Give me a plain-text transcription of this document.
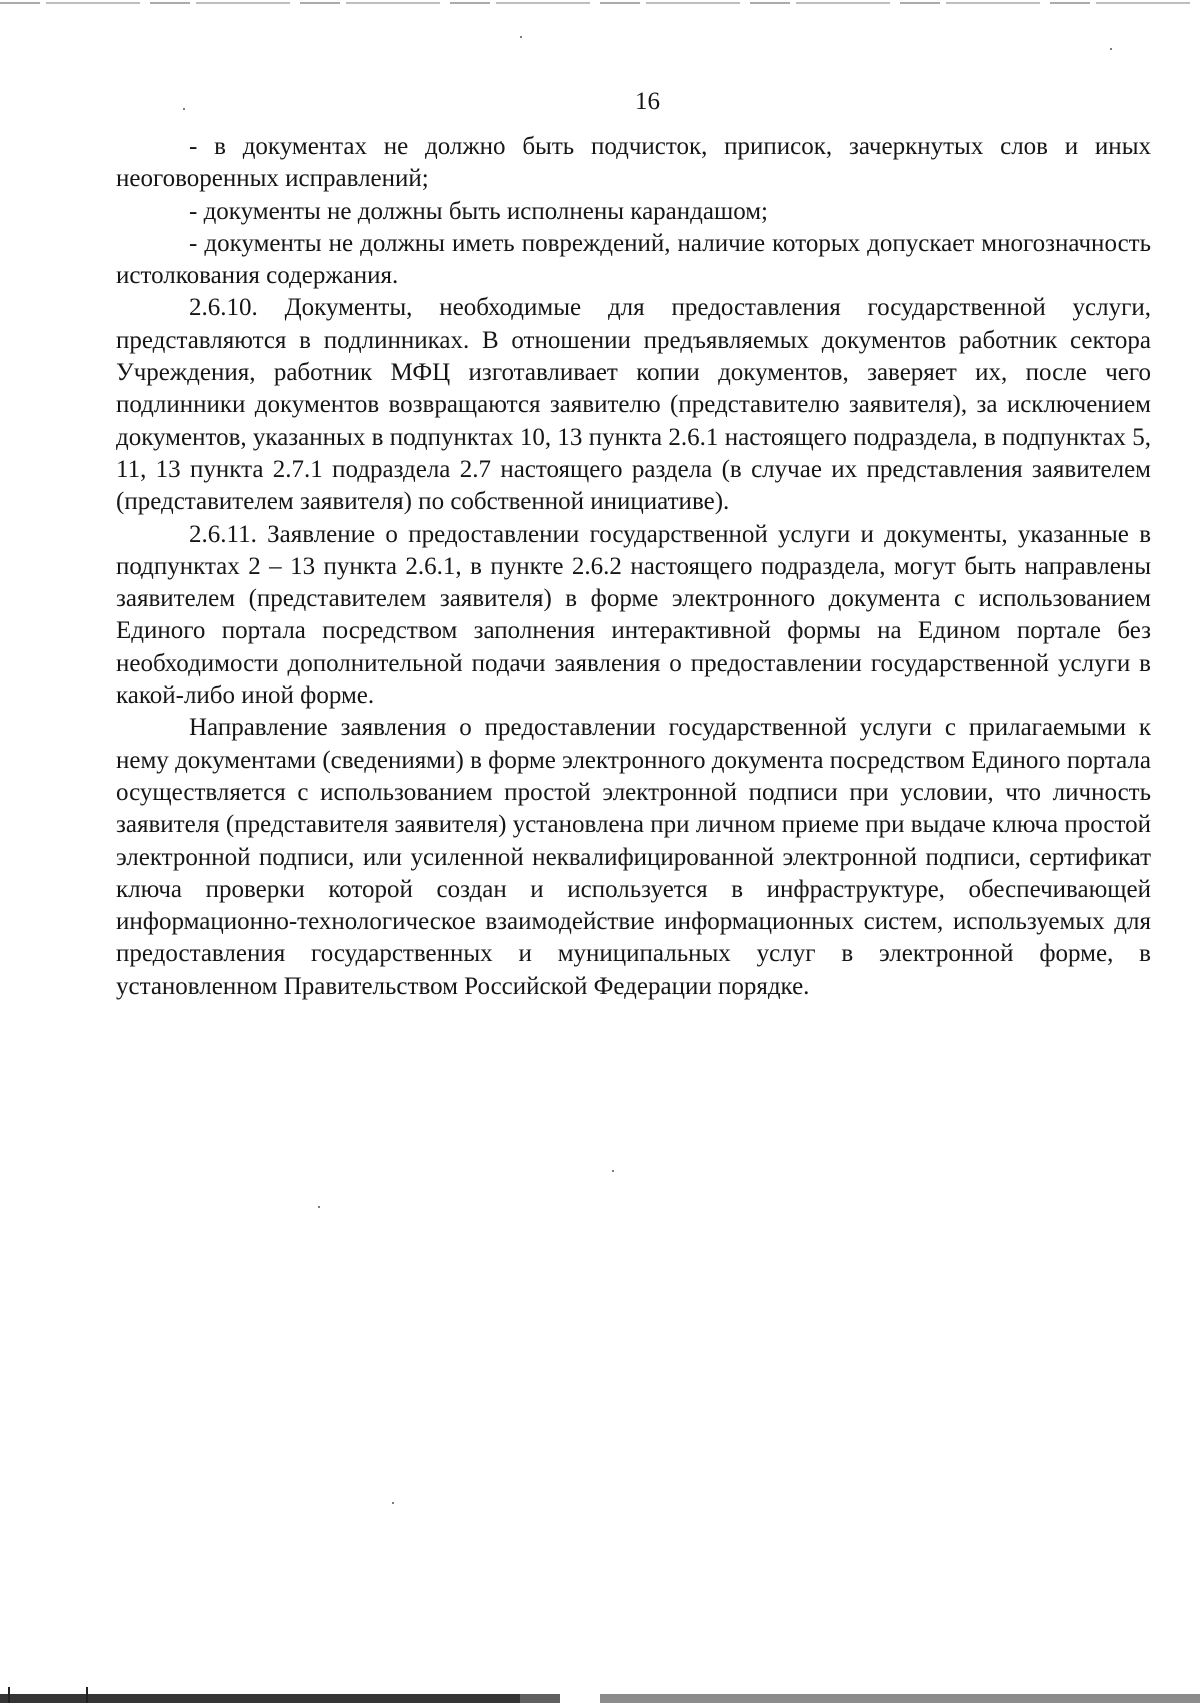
16

- в документах не должно быть подчисток, приписок, зачеркнутых слов и иных неоговоренных исправлений;

- документы не должны быть исполнены карандашом;

- документы не должны иметь повреждений, наличие которых допускает многозначность истолкования содержания.

2.6.10. Документы, необходимые для предоставления государственной услуги, представляются в подлинниках. В отношении предъявляемых документов работник сектора Учреждения, работник МФЦ изготавливает копии документов, заверяет их, после чего подлинники документов возвращаются заявителю (представителю заявителя), за исключением документов, указанных в подпунктах 10, 13 пункта 2.6.1 настоящего подраздела, в подпунктах 5, 11, 13 пункта 2.7.1 подраздела 2.7 настоящего раздела (в случае их представления заявителем (представителем заявителя) по собственной инициативе).

2.6.11. Заявление о предоставлении государственной услуги и документы, указанные в подпунктах 2 – 13 пункта 2.6.1, в пункте 2.6.2 настоящего подраздела, могут быть направлены заявителем (представителем заявителя) в форме электронного документа с использованием Единого портала посредством заполнения интерактивной формы на Едином портале без необходимости дополнительной подачи заявления о предоставлении государственной услуги в какой-либо иной форме.

Направление заявления о предоставлении государственной услуги с прилагаемыми к нему документами (сведениями) в форме электронного документа посредством Единого портала осуществляется с использованием простой электронной подписи при условии, что личность заявителя (представителя заявителя) установлена при личном приеме при выдаче ключа простой электронной подписи, или усиленной неквалифицированной электронной подписи, сертификат ключа проверки которой создан и используется в инфраструктуре, обеспечивающей информационно-технологическое взаимодействие информационных систем, используемых для предоставления государственных и муниципальных услуг в электронной форме, в установленном Правительством Российской Федерации порядке.
